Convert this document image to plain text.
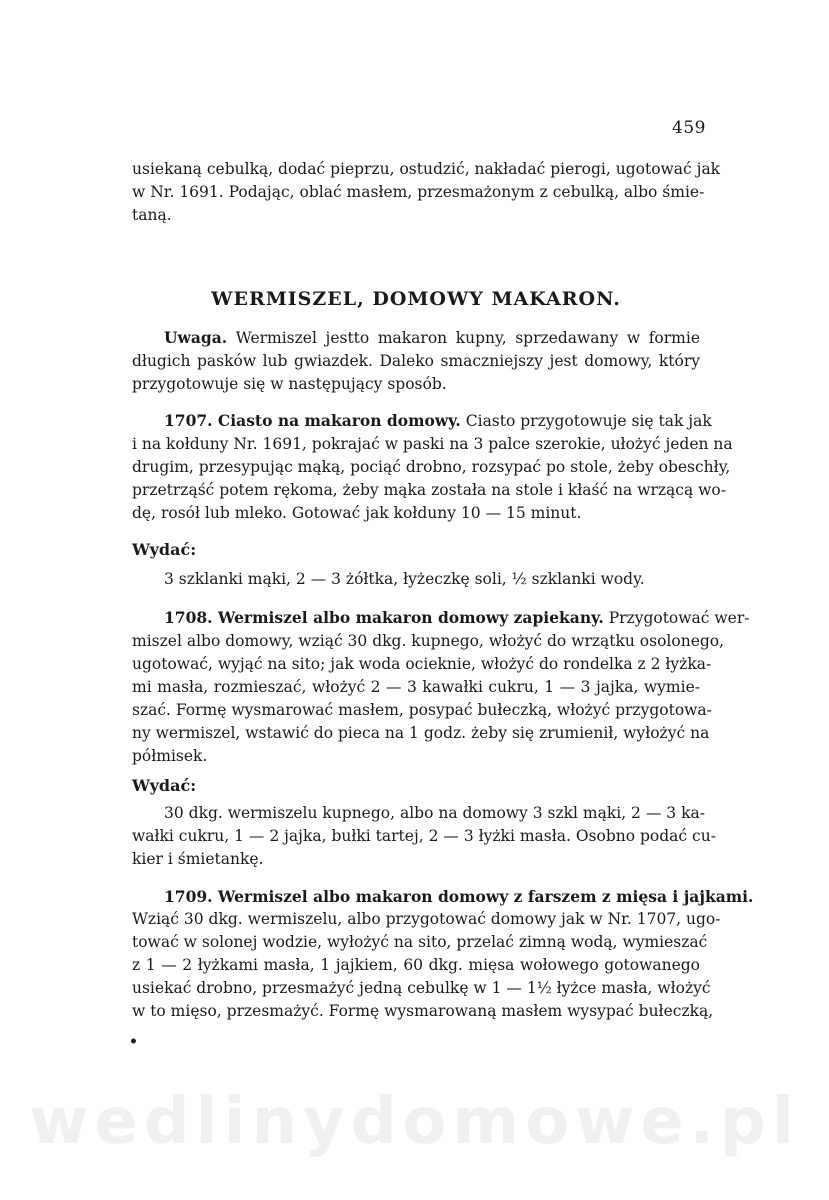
459
usiekaną cebulką, dodać pieprzu, ostudzić, nakładać pierogi, ugotować jak
w Nr. 1691. Podając, oblać masłem, przesmażonym z cebulką, albo śmie-
taną.
WERMISZEL, DOMOWY MAKARON.
Uwaga. Wermiszel jestto makaron kupny, sprzedawany w formie
długich pasków lub gwiazdek. Daleko smaczniejszy jest domowy, który
przygotowuje się w następujący sposób.
1707. Ciasto na makaron domowy. Ciasto przygotowuje się tak jak
i na kołduny Nr. 1691, pokrajać w paski na 3 palce szerokie, ułożyć jeden na
drugim, przesypując mąką, pociąć drobno, rozsypać po stole, żeby obeschły,
przetrząść potem rękoma, żeby mąka została na stole i kłaść na wrzącą wo-
dę, rosół lub mleko. Gotować jak kołduny 10 — 15 minut.
Wydać:
3 szklanki mąki, 2 — 3 żółtka, łyżeczkę soli, ½ szklanki wody.
1708. Wermiszel albo makaron domowy zapiekany. Przygotować wer-
miszel albo domowy, wziąć 30 dkg. kupnego, włożyć do wrzątku osolonego,
ugotować, wyjąć na sito; jak woda ocieknie, włożyć do rondelka z 2 łyżka-
mi masła, rozmieszać, włożyć 2 — 3 kawałki cukru, 1 — 3 jajka, wymie-
szać. Formę wysmarować masłem, posypać bułeczką, włożyć przygotowa-
ny wermiszel, wstawić do pieca na 1 godz. żeby się zrumienił, wyłożyć na
półmisek.
Wydać:
30 dkg. wermiszelu kupnego, albo na domowy 3 szkl mąki, 2 — 3 ka-
wałki cukru, 1 — 2 jajka, bułki tartej, 2 — 3 łyżki masła. Osobno podać cu-
kier i śmietankę.
1709. Wermiszel albo makaron domowy z farszem z mięsa i jajkami.
Wziąć 30 dkg. wermiszelu, albo przygotować domowy jak w Nr. 1707, ugo-
tować w solonej wodzie, wyłożyć na sito, przelać zimną wodą, wymieszać
z 1 — 2 łyżkami masła, 1 jajkiem, 60 dkg. mięsa wołowego gotowanego
usiekać drobno, przesmażyć jedną cebulkę w 1 — 1½ łyżce masła, włożyć
w to mięso, przesmażyć. Formę wysmarowaną masłem wysypać bułeczką,
•
wedlinydomowe.pl
